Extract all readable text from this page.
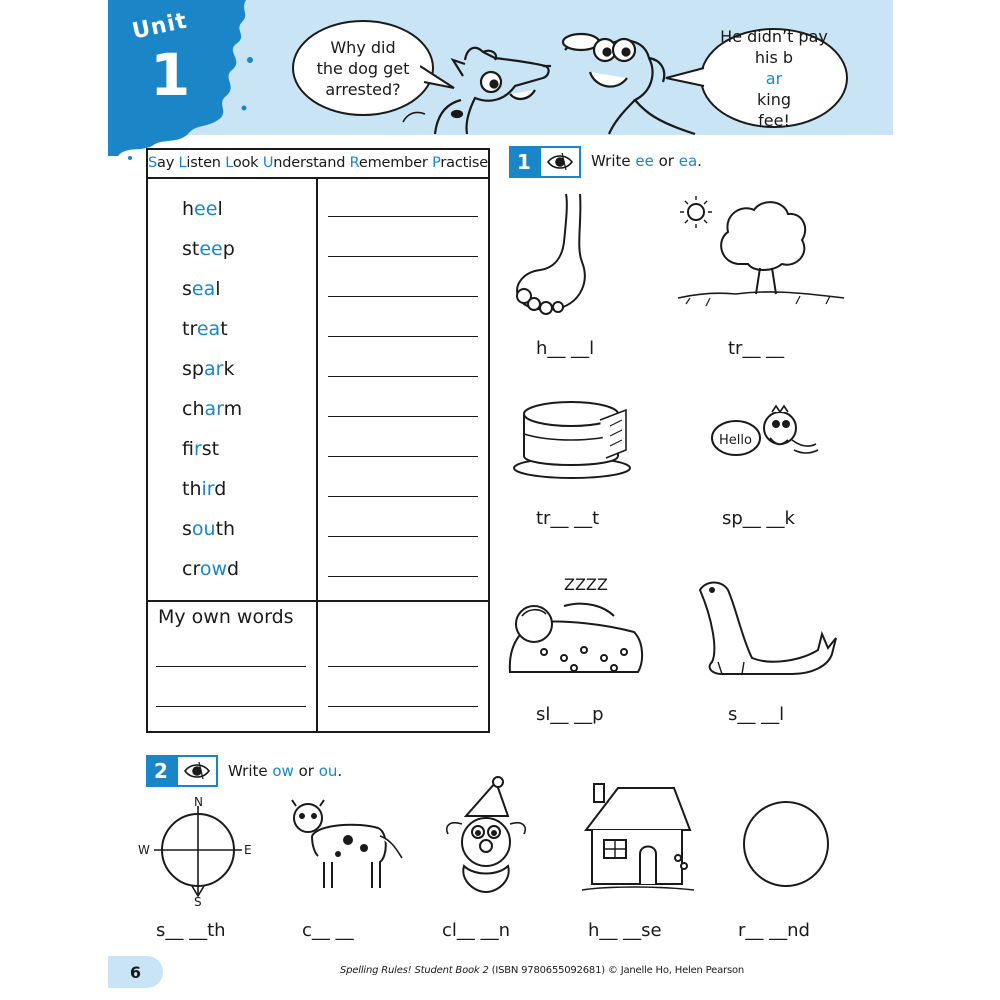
Unit
1	Why did
the dog get
arrested?
He didn’t pay
his b
ar
king
fee!
Say
Listen
Look
Understand
Remember
Practise
heel
steep
seal
treat
spark
charm
first
third
south
crowd
My own words
1	Write ee or ea.
h__ __l	tr__ __
Hello
tr__ __t	sp__ __k
ZZZZ
sl__ __p	s__ __l
2	Write ow or ou.
N
S
E
W
s__ __th	c__ __	cl__ __n	h__ __se	r__ __nd
6	Spelling Rules! Student Book 2 (ISBN 9780655092681) © Janelle Ho, Helen Pearson
